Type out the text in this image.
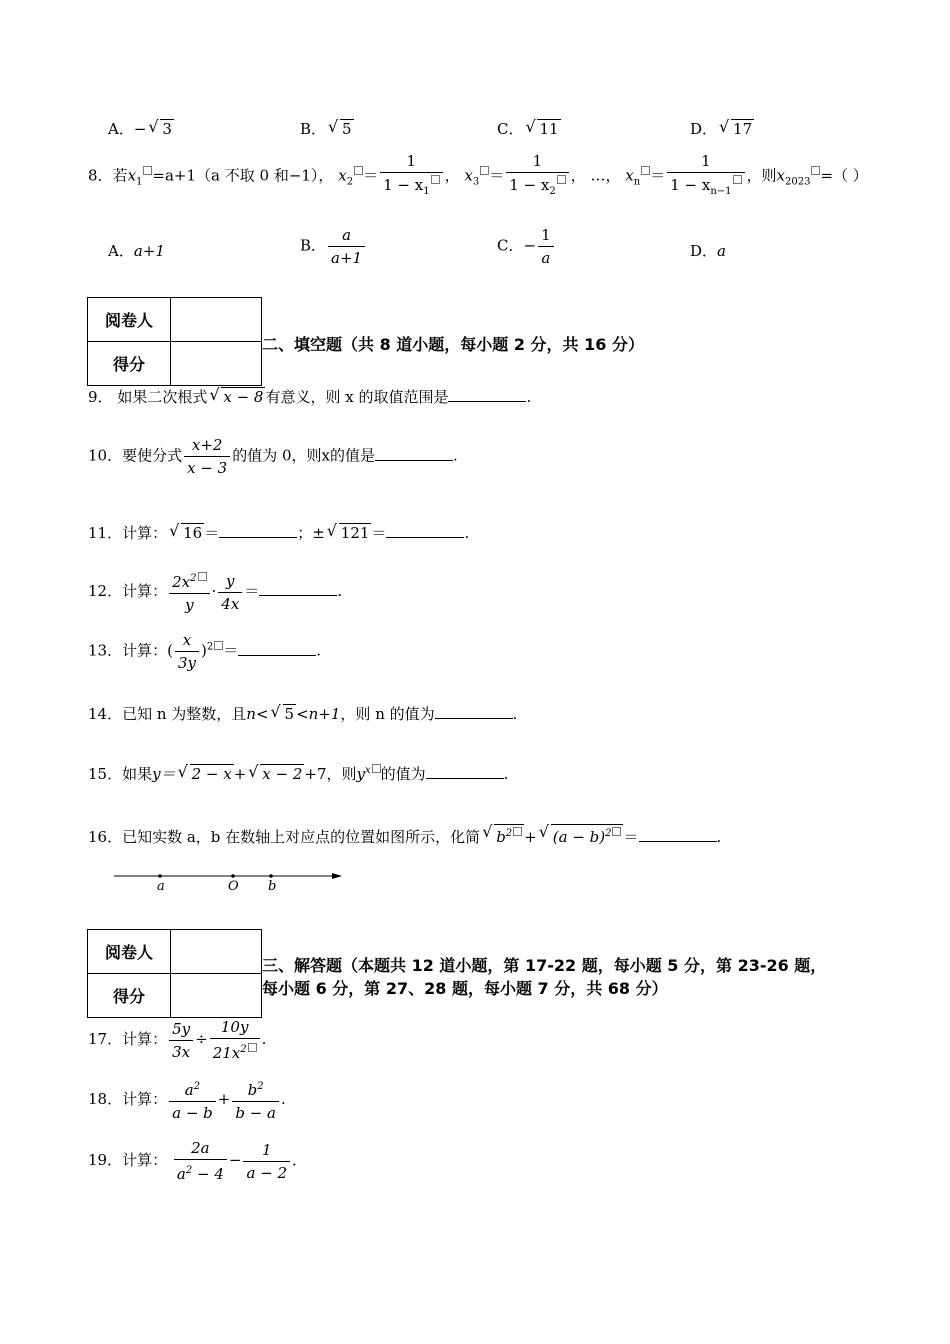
A．− √ 3	B． √ 5	C． √ 11	D． √ 17
8．若$x_1 =a+1(a$ 不取 0 和−1）， $x_2 = \frac{1}{1 - x_1}$ ， $x_3 = \frac{1}{1 - x_2}$ ， …， $x_n = \frac{1}{1 - x_{n-1}}$ ，则$x_{2023}$ =（ ）
A．a+1	B． $\frac{a}{a+1}$	C．− $\frac{1}{a}$	D．a
阅卷人	
得分	
二、填空题（共 8 道小题，每小题 2 分，共 16 分）
9． 如果二次根式 √ x − 8 有意义，则 x 的取值范围是	.
10．要使分式 $\frac{x+2}{x - 3}$ 的值为 0，则x的值是	.
11．计算： √ 16 ＝	；± √ 121 ＝	.
12．计算： $\frac{2x^2}{y} \cdot \frac{y}{4x}$ ＝	.
13．计算：( $\frac{x}{3y} )^2$ ＝	.
14．已知 n 为整数，且n< √ 5 <n+1，则 n 的值为	.
15．如果y＝ √ 2 − x + √ x − 2 +7，则$y^x$ 的值为	.
16．已知实数 a，b 在数轴上对应点的位置如图所示，化简 √ $b^2$ + √ $(a - b)^2$ ＝	.
a	O b
阅卷人	
得分	
三、解答题（本题共 12 道小题，第 17-22 题，每小题 5 分，第 23-26 题，
每小题 6 分，第 27、28 题，每小题 7 分，共 68 分）
17．计算： $\frac{5y}{3x} \div \frac{10y}{21x^2}$ .
18．计算： $\frac{a^2}{a - b} + \frac{b^2}{b - a}$ .
19．计算： $\frac{2a}{a^2 - 4} - \frac{1}{a - 2}$ ．
